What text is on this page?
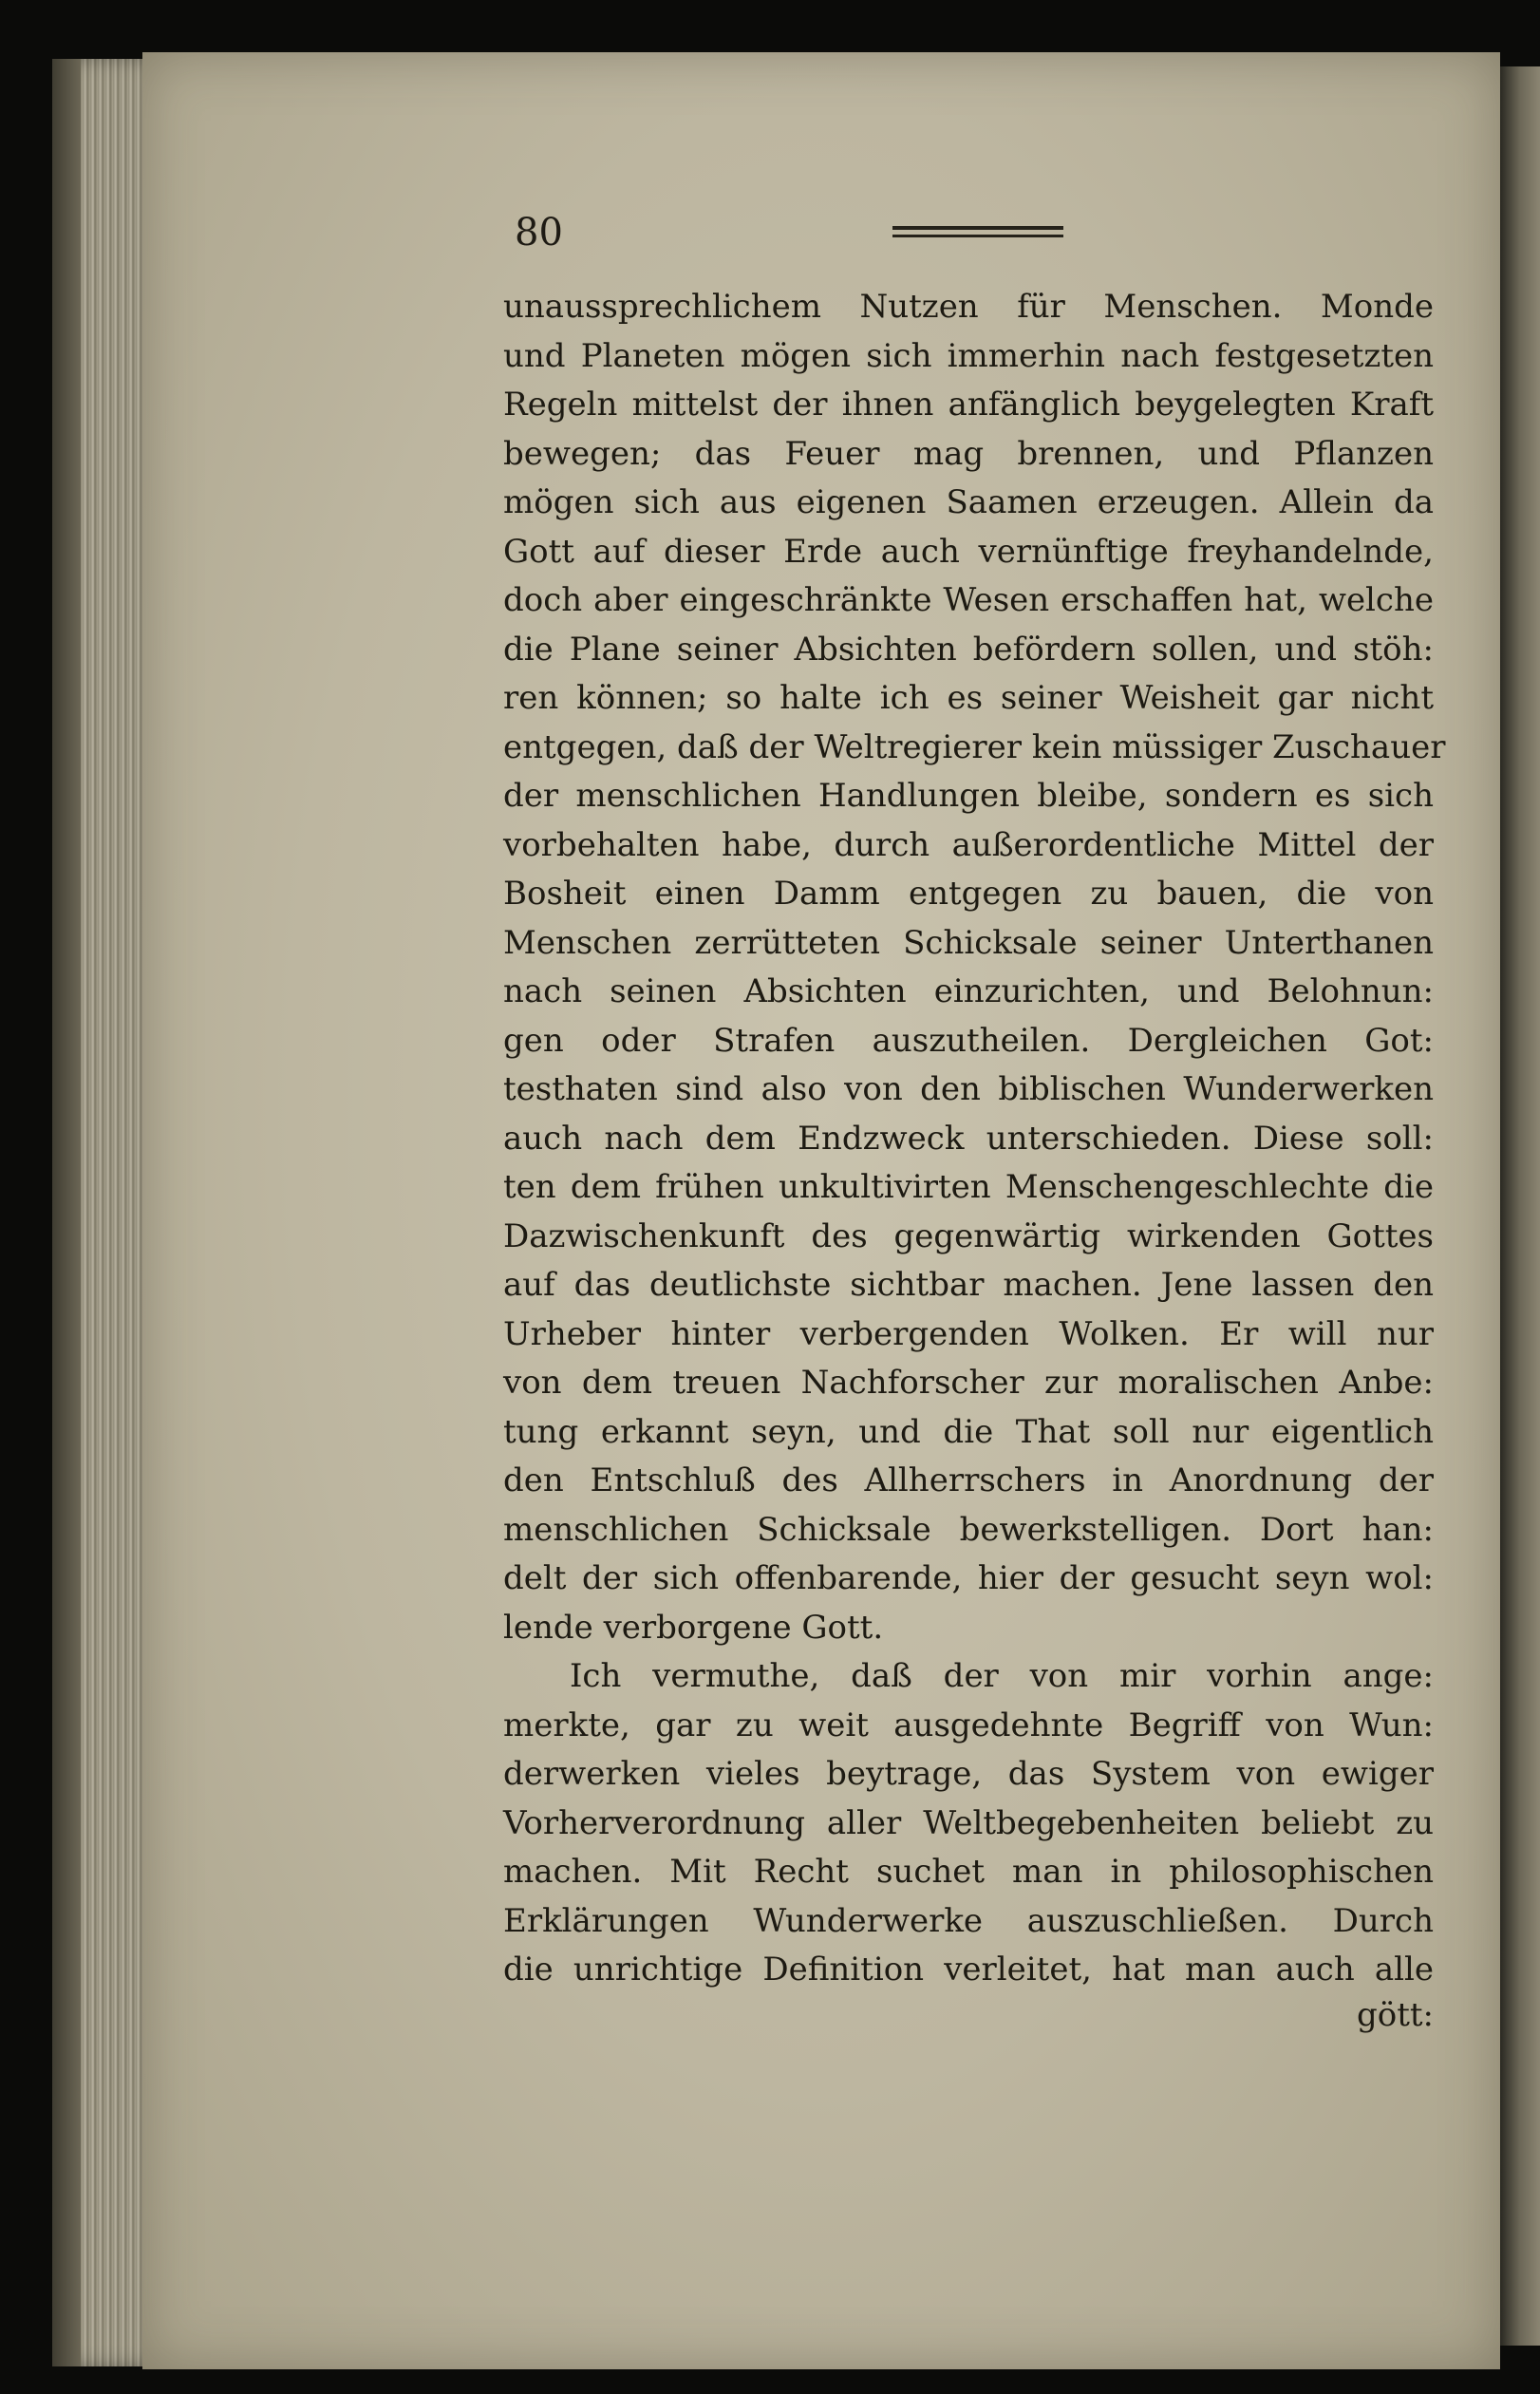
80
unaussprechlichem Nutzen für Menschen. Monde
und Planeten mögen sich immerhin nach festgesetzten
Regeln mittelst der ihnen anfänglich beygelegten Kraft
bewegen; das Feuer mag brennen, und Pflanzen
mögen sich aus eigenen Saamen erzeugen. Allein da
Gott auf dieser Erde auch vernünftige freyhandelnde,
doch aber eingeschränkte Wesen erschaffen hat, welche
die Plane seiner Absichten befördern sollen, und stöh:
ren können; so halte ich es seiner Weisheit gar nicht
entgegen, daß der Weltregierer kein müssiger Zuschauer
der menschlichen Handlungen bleibe, sondern es sich
vorbehalten habe, durch außerordentliche Mittel der
Bosheit einen Damm entgegen zu bauen, die von
Menschen zerrütteten Schicksale seiner Unterthanen
nach seinen Absichten einzurichten, und Belohnun:
gen oder Strafen auszutheilen. Dergleichen Got:
testhaten sind also von den biblischen Wunderwerken
auch nach dem Endzweck unterschieden. Diese soll:
ten dem frühen unkultivirten Menschengeschlechte die
Dazwischenkunft des gegenwärtig wirkenden Gottes
auf das deutlichste sichtbar machen. Jene lassen den
Urheber hinter verbergenden Wolken. Er will nur
von dem treuen Nachforscher zur moralischen Anbe:
tung erkannt seyn, und die That soll nur eigentlich
den Entschluß des Allherrschers in Anordnung der
menschlichen Schicksale bewerkstelligen. Dort han:
delt der sich offenbarende, hier der gesucht seyn wol:
lende verborgene Gott.
Ich vermuthe, daß der von mir vorhin ange:
merkte, gar zu weit ausgedehnte Begriff von Wun:
derwerken vieles beytrage, das System von ewiger
Vorherverordnung aller Weltbegebenheiten beliebt zu
machen. Mit Recht suchet man in philosophischen
Erklärungen Wunderwerke auszuschließen. Durch
die unrichtige Definition verleitet, hat man auch alle
gött:
